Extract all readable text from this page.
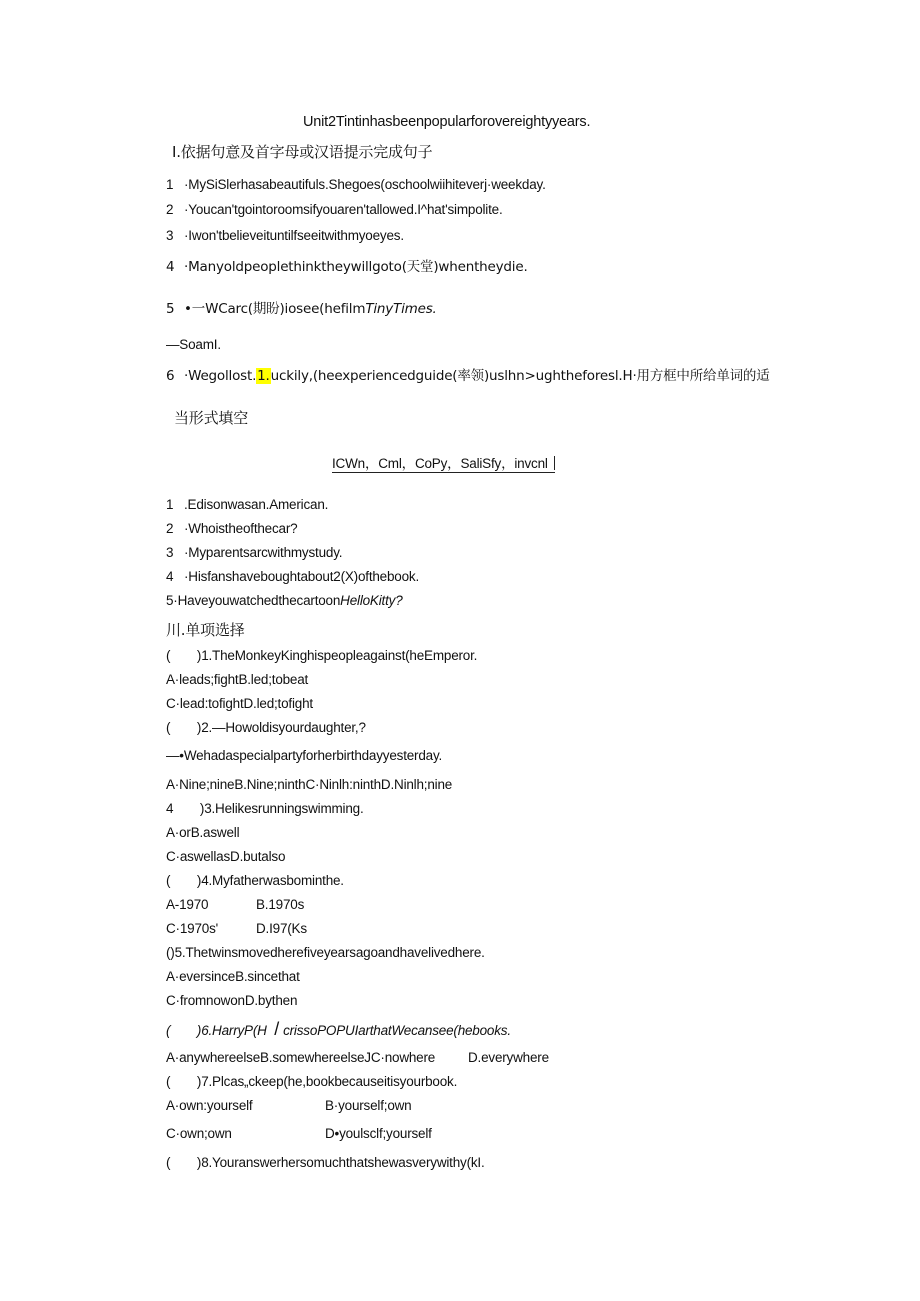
Unit2Tintinhasbeenpopularforovereightyyears.
I.依据句意及首字母或汉语提示完成句子
1 ·MySiSlerhasabeautifuls.Shegoes(oschoolwiihiteverj·weekday.
2 ·Youcan'tgointoroomsifyouaren'tallowed.I^hat'simpolite.
3 ·Iwon'tbelieveituntilfseeitwithmyoeyes.
4 ·Manyoldpeoplethinktheywillgoto(天堂)whentheydie.
5 •一WCarc(期盼)iosee(hefilmTinyTimes.
—SoamI.
6 ·Wegollost.1.uckily,(heexperiencedguide(率领)uslhn>ughtheforesl.H·用方框中所给单词的适
当形式填空
ICWn，Cml，CoPy，SaliSfy，invcnl
1 .Edisonwasan.American.
2 ·Whoistheofthecar?
3 ·Myparentsarcwithmystudy.
4 ·Hisfanshaveboughtabout2(X)ofthebook.
5·HaveyouwatchedthecartoonHelloKitty?
川.单项选择
(　　)1.TheMonkeyKinghispeopleagainst(heEmperor.
A·leads;fightB.led;tobeat
C·lead:tofightD.led;tofight
(　　)2.—Howoldisyourdaughter,?
—•Wehadaspecialpartyforherbirthdayyesterday.
A·Nine;nineB.Nine;ninthC·Ninlh:ninthD.Ninlh;nine
4　　)3.Helikesrunningswimming.
A·orB.aswell
C·aswellasD.butalso
(　　)4.Myfatherwasbominthe.
A-1970	B.1970s
C·1970s'	D.I97(Ks
()5.Thetwinsmovedherefiveyearsagoandhavelivedhere.
A·eversinceB.sincethat
C·fromnowonD.bythen
(　　)6.HarryP(H / crissoPOPUIarthatWecansee(hebooks.
A·anywhereelseB.somewhereelseJC·nowhere D.everywhere
(　　)7.Plcas„ckeep(he,bookbecauseitisyourbook.
A·own:yourself	B·yourself;own
C·own;own	D•youlsclf;yourself
(　　)8.Youranswerhersomuchthatshewasverywithy(kI.
